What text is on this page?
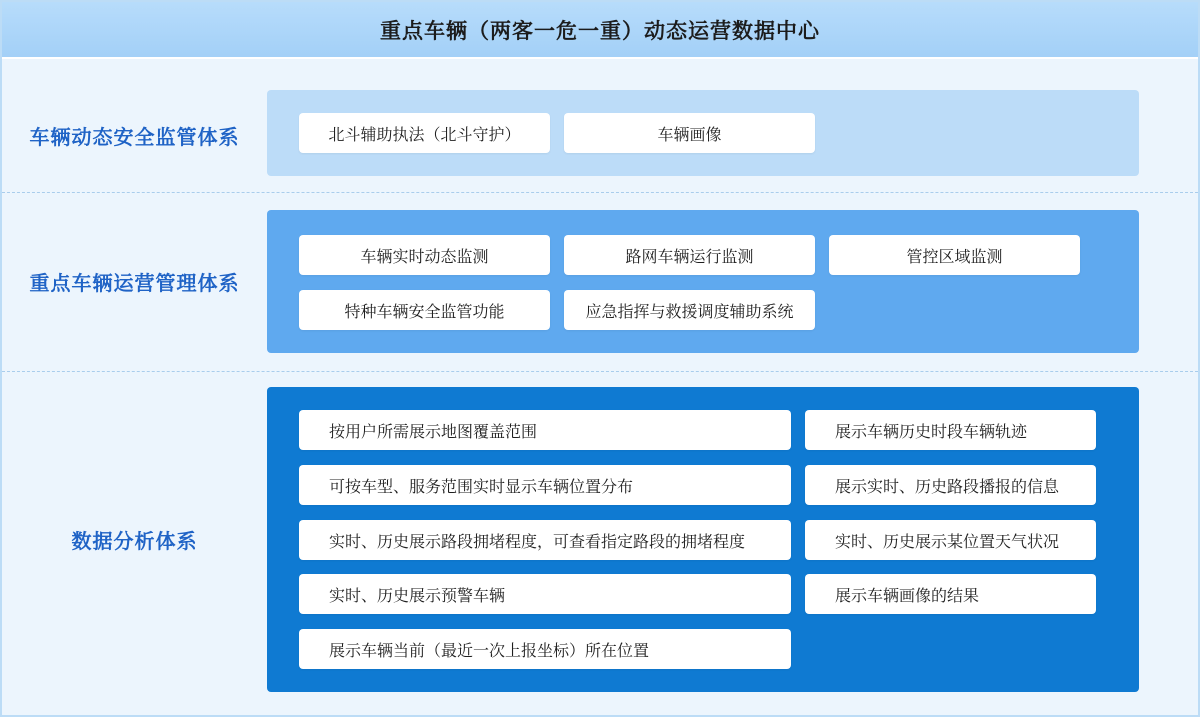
重点车辆（两客一危一重）动态运营数据中心
车辆动态安全监管体系	北斗辅助执法（北斗守护）	车辆画像
重点车辆运营管理体系
车辆实时动态监测	路网车辆运行监测	管控区域监测
特种车辆安全监管功能	应急指挥与救援调度辅助系统
数据分析体系
按用户所需展示地图覆盖范围
可按车型、服务范围实时显示车辆位置分布
实时、历史展示路段拥堵程度，可查看指定路段的拥堵程度
实时、历史展示预警车辆
展示车辆当前（最近一次上报坐标）所在位置
展示车辆历史时段车辆轨迹
展示实时、历史路段播报的信息
实时、历史展示某位置天气状况
展示车辆画像的结果
